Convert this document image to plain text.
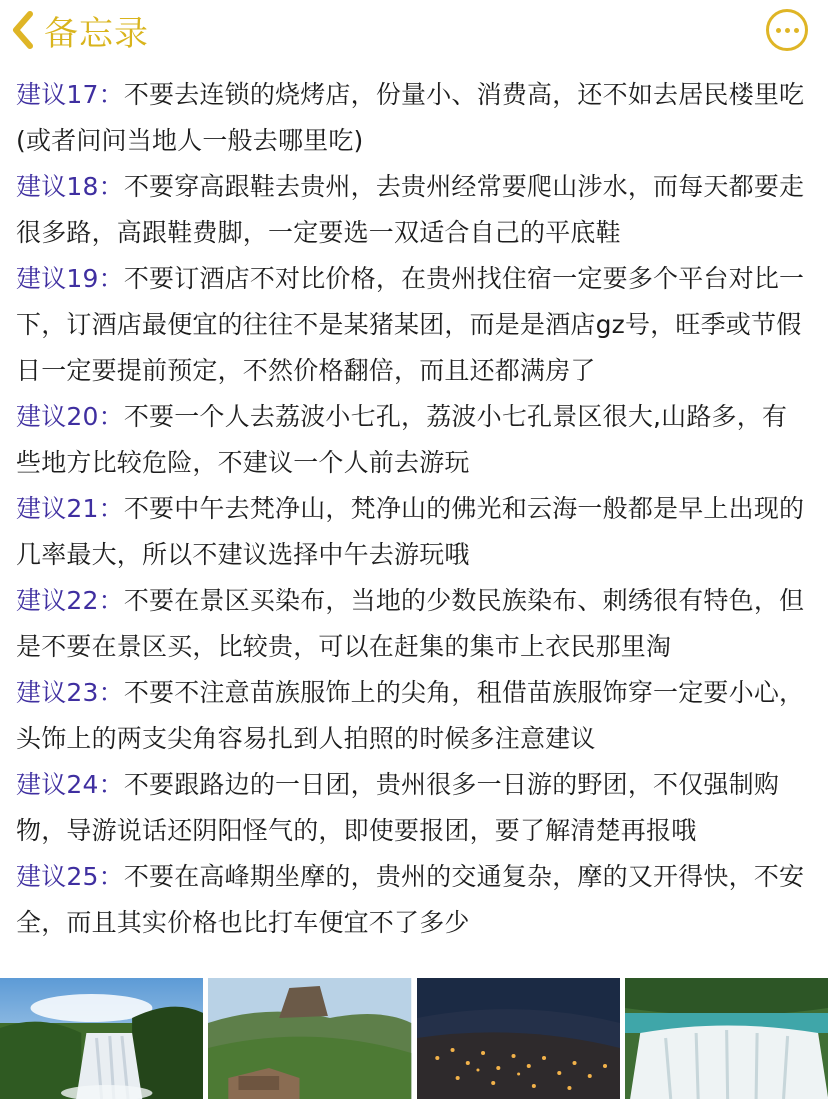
备忘录
建议17：不要去连锁的烧烤店，份量小、消费高，还不如去居民楼里吃(或者问问当地人一般去哪里吃)
建议18：不要穿高跟鞋去贵州，去贵州经常要爬山涉水，而每天都要走很多路，高跟鞋费脚，一定要选一双适合自己的平底鞋
建议19：不要订酒店不对比价格，在贵州找住宿一定要多个平台对比一下，订酒店最便宜的往往不是某猪某团，而是是酒店gz号，旺季或节假日一定要提前预定，不然价格翻倍，而且还都满房了
建议20：不要一个人去荔波小七孔，荔波小七孔景区很大,山路多，有些地方比较危险，不建议一个人前去游玩
建议21：不要中午去梵净山，梵净山的佛光和云海一般都是早上出现的几率最大，所以不建议选择中午去游玩哦
建议22：不要在景区买染布，当地的少数民族染布、刺绣很有特色，但是不要在景区买，比较贵，可以在赶集的集市上衣民那里淘
建议23：不要不注意苗族服饰上的尖角，租借苗族服饰穿一定要小心，头饰上的两支尖角容易扎到人拍照的时候多注意建议
建议24：不要跟路边的一日团，贵州很多一日游的野团，不仅强制购物，导游说话还阴阳怪气的，即使要报团，要了解清楚再报哦
建议25：不要在高峰期坐摩的，贵州的交通复杂，摩的又开得快，不安全，而且其实价格也比打车便宜不了多少
